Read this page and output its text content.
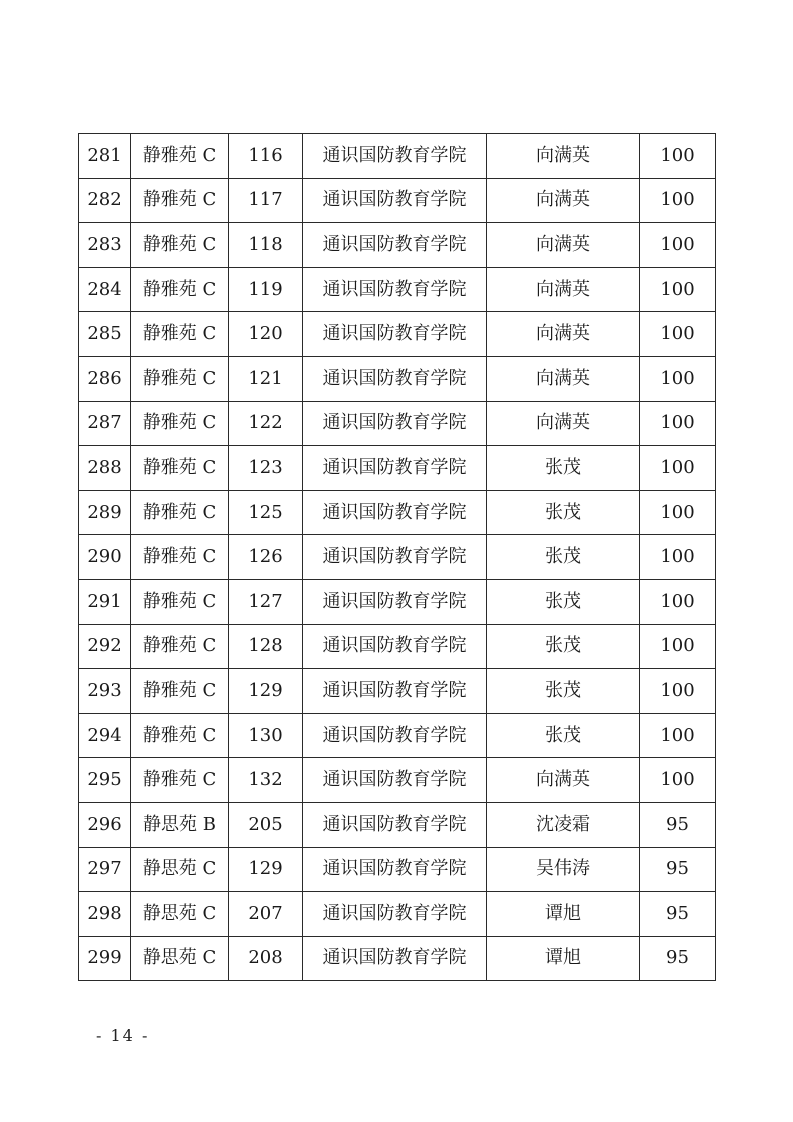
281	静雅苑 C	116	通识国防教育学院	向满英	100
282	静雅苑 C	117	通识国防教育学院	向满英	100
283	静雅苑 C	118	通识国防教育学院	向满英	100
284	静雅苑 C	119	通识国防教育学院	向满英	100
285	静雅苑 C	120	通识国防教育学院	向满英	100
286	静雅苑 C	121	通识国防教育学院	向满英	100
287	静雅苑 C	122	通识国防教育学院	向满英	100
288	静雅苑 C	123	通识国防教育学院	张茂	100
289	静雅苑 C	125	通识国防教育学院	张茂	100
290	静雅苑 C	126	通识国防教育学院	张茂	100
291	静雅苑 C	127	通识国防教育学院	张茂	100
292	静雅苑 C	128	通识国防教育学院	张茂	100
293	静雅苑 C	129	通识国防教育学院	张茂	100
294	静雅苑 C	130	通识国防教育学院	张茂	100
295	静雅苑 C	132	通识国防教育学院	向满英	100
296	静思苑 B	205	通识国防教育学院	沈凌霜	95
297	静思苑 C	129	通识国防教育学院	吴伟涛	95
298	静思苑 C	207	通识国防教育学院	谭旭	95
299	静思苑 C	208	通识国防教育学院	谭旭	95
- 14 -
